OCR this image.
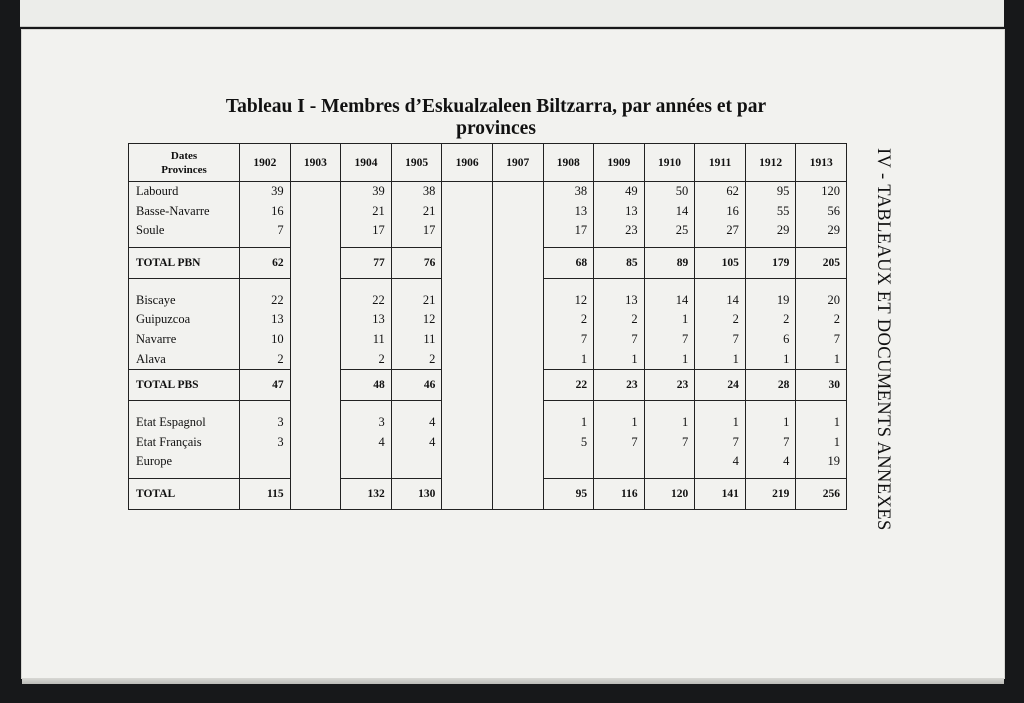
Tableau I - Membres d’Eskualzaleen Biltzarra, par années et par provinces
IV - TABLEAUX ET DOCUMENTS ANNEXES
Dates
Provinces	1902	1903	1904	1905	1906	1907	1908	1909	1910	1911	1912	1913
Labourd	39		39	38			38	49	50	62	95	120
Basse-Navarre	16		21	21			13	13	14	16	55	56
Soule	7		17	17			17	23	25	27	29	29

TOTAL PBN	62		77	76			68	85	89	105	179	205

Biscaye	22		22	21			12	13	14	14	19	20
Guipuzcoa	13		13	12			2	2	1	2	2	2
Navarre	10		11	11			7	7	7	7	6	7
Alava	2		2	2			1	1	1	1	1	1
TOTAL PBS	47		48	46			22	23	23	24	28	30

Etat Espagnol	3		3	4			1	1	1	1	1	1
Etat Français	3		4	4			5	7	7	7	7	1
Europe										4	4	19

TOTAL	115		132	130			95	116	120	141	219	256
